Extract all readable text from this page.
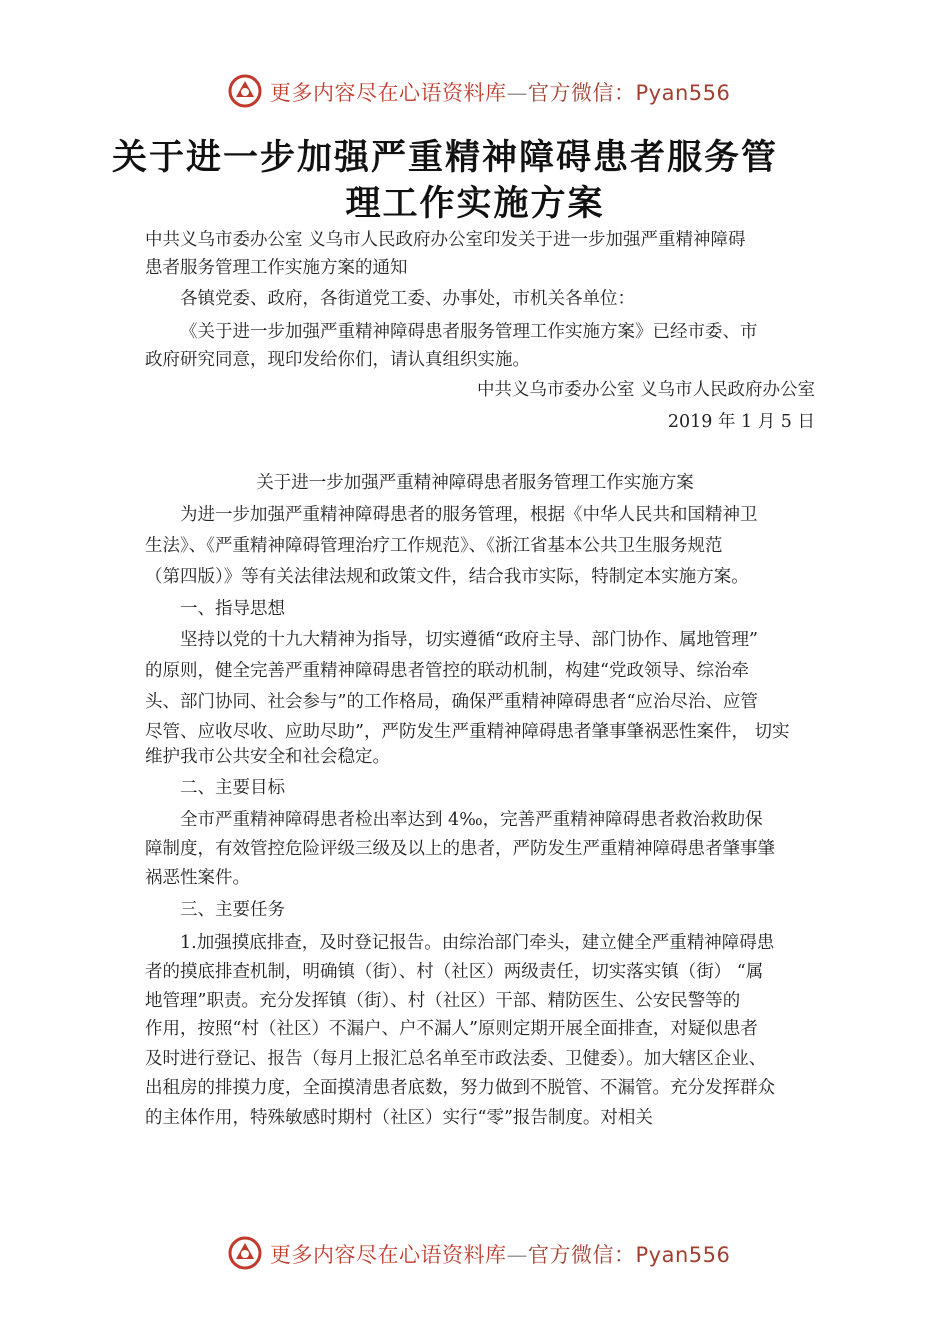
更多内容尽在心语资料库—官方微信：Pyan556
关于进一步加强严重精神障碍患者服务管
理工作实施方案
中共义乌市委办公室 义乌市人民政府办公室印发关于进一步加强严重精神障碍
患者服务管理工作实施方案的通知
各镇党委、政府，各街道党工委、办事处，市机关各单位：
《关于进一步加强严重精神障碍患者服务管理工作实施方案》已经市委、市
政府研究同意，现印发给你们，请认真组织实施。
中共义乌市委办公室 义乌市人民政府办公室
2019 年 1 月 5 日
关于进一步加强严重精神障碍患者服务管理工作实施方案
为进一步加强严重精神障碍患者的服务管理，根据《中华人民共和国精神卫
生法》、《严重精神障碍管理治疗工作规范》、《浙江省基本公共卫生服务规范
（第四版）》等有关法律法规和政策文件，结合我市实际，特制定本实施方案。
一、指导思想
坚持以党的十九大精神为指导，切实遵循“政府主导、部门协作、属地管理”
的原则，健全完善严重精神障碍患者管控的联动机制，构建“党政领导、综治牵
头、部门协同、社会参与”的工作格局，确保严重精神障碍患者“应治尽治、应管
尽管、应收尽收、应助尽助”，严防发生严重精神障碍患者肇事肇祸恶性案件， 切实
维护我市公共安全和社会稳定。
二、主要目标
全市严重精神障碍患者检出率达到 4‰，完善严重精神障碍患者救治救助保
障制度，有效管控危险评级三级及以上的患者，严防发生严重精神障碍患者肇事肇
祸恶性案件。
三、主要任务
1.加强摸底排查，及时登记报告。由综治部门牵头，建立健全严重精神障碍患
者的摸底排查机制，明确镇（街）、村（社区）两级责任，切实落实镇（街） “属
地管理”职责。充分发挥镇（街）、村（社区）干部、精防医生、公安民警等的
作用，按照“村（社区）不漏户、户不漏人”原则定期开展全面排查，对疑似患者
及时进行登记、报告（每月上报汇总名单至市政法委、卫健委）。加大辖区企业、
出租房的排摸力度，全面摸清患者底数，努力做到不脱管、不漏管。充分发挥群众
的主体作用，特殊敏感时期村（社区）实行“零”报告制度。对相关
更多内容尽在心语资料库—官方微信：Pyan556
